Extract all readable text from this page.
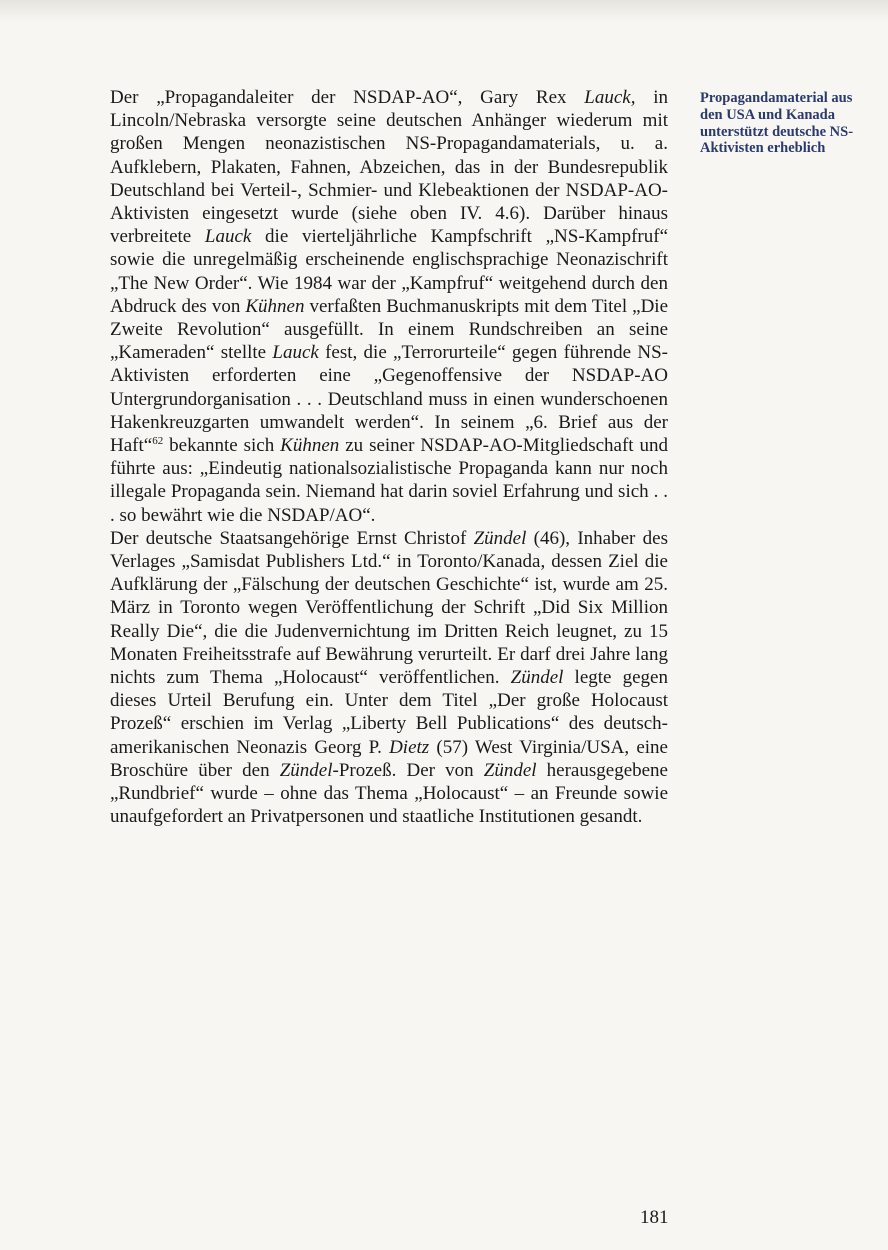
Der „Propagandaleiter der NSDAP-AO“, Gary Rex Lauck, in Lincoln/Nebraska versorgte seine deutschen Anhänger wiederum mit großen Mengen neonazistischen NS-Propagandamaterials, u. a. Aufklebern, Plakaten, Fahnen, Abzeichen, das in der Bundesrepublik Deutschland bei Verteil-, Schmier- und Klebeaktionen der NSDAP-AO-Aktivisten eingesetzt wurde (siehe oben IV. 4.6). Darüber hinaus verbreitete Lauck die vierteljährliche Kampfschrift „NS-Kampfruf“ sowie die unregelmäßig erscheinende englischsprachige Neonazischrift „The New Order“. Wie 1984 war der „Kampfruf“ weitgehend durch den Abdruck des von Kühnen verfaßten Buchmanuskripts mit dem Titel „Die Zweite Revolution“ ausgefüllt. In einem Rundschreiben an seine „Kameraden“ stellte Lauck fest, die „Terrorurteile“ gegen führende NS-Aktivisten erforderten eine „Gegenoffensive der NSDAP-AO Untergrundorganisation . . . Deutschland muss in einen wunderschoenen Hakenkreuzgarten umwandelt werden“. In seinem „6. Brief aus der Haft“$^{62}$ bekannte sich Kühnen zu seiner NSDAP-AO-Mitgliedschaft und führte aus: „Eindeutig nationalsozialistische Propaganda kann nur noch illegale Propaganda sein. Niemand hat darin soviel Erfahrung und sich . . . so bewährt wie die NSDAP/AO“.

Der deutsche Staatsangehörige Ernst Christof Zündel (46), Inhaber des Verlages „Samisdat Publishers Ltd.“ in Toronto/Kanada, dessen Ziel die Aufklärung der „Fälschung der deutschen Geschichte“ ist, wurde am 25. März in Toronto wegen Veröffentlichung der Schrift „Did Six Million Really Die“, die die Judenvernichtung im Dritten Reich leugnet, zu 15 Monaten Freiheitsstrafe auf Bewährung verurteilt. Er darf drei Jahre lang nichts zum Thema „Holocaust“ veröffentlichen. Zündel legte gegen dieses Urteil Berufung ein. Unter dem Titel „Der große Holocaust Prozeß“ erschien im Verlag „Liberty Bell Publications“ des deutsch-amerikanischen Neonazis Georg P. Dietz (57) West Virginia/USA, eine Broschüre über den Zündel-Prozeß. Der von Zündel herausgegebene „Rundbrief“ wurde – ohne das Thema „Holocaust“ – an Freunde sowie unaufgefordert an Privatpersonen und staatliche Institutionen gesandt.

Propagandamaterial aus den USA und Kanada unterstützt deutsche NS-Aktivisten erheblich
181
